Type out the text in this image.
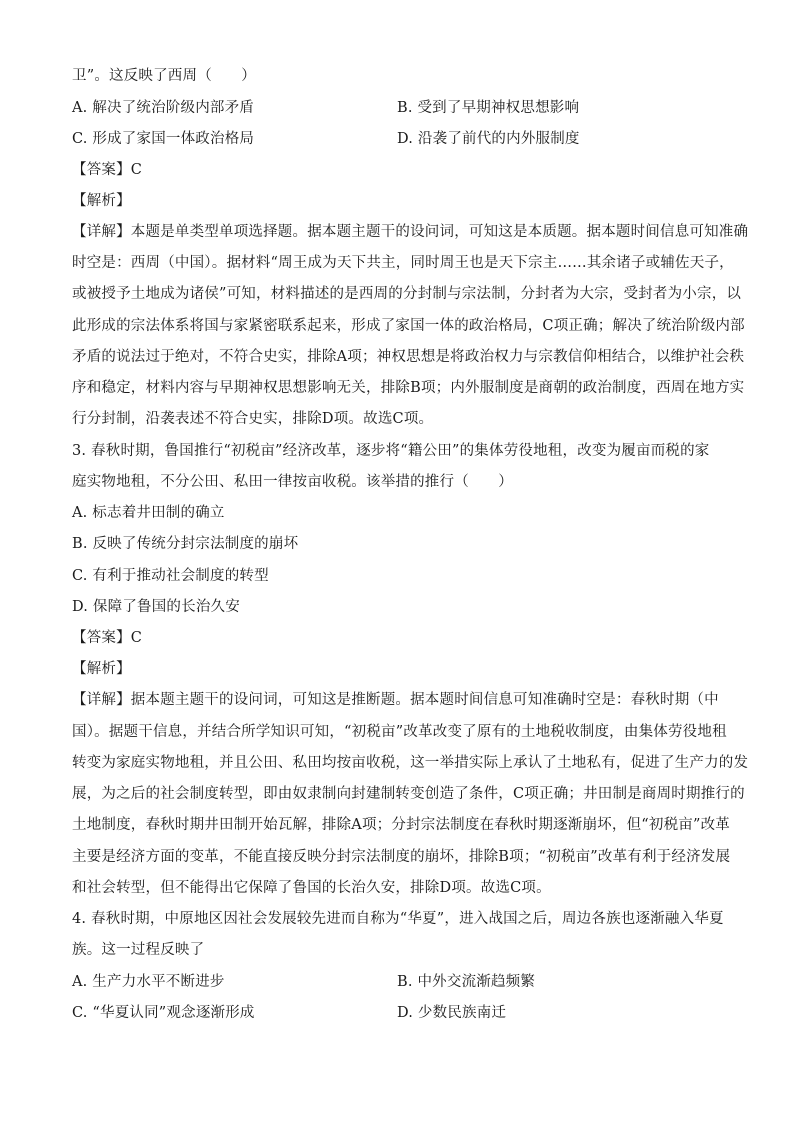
卫”。这反映了西周（　　）
A. 解决了统治阶级内部矛盾	B. 受到了早期神权思想影响
C. 形成了家国一体政治格局	D. 沿袭了前代的内外服制度
【答案】C
【解析】
【详解】本题是单类型单项选择题。据本题主题干的设问词，可知这是本质题。据本题时间信息可知准确
时空是：西周（中国）。据材料“周王成为天下共主，同时周王也是天下宗主……其余诸子或辅佐天子，
或被授予土地成为诸侯”可知，材料描述的是西周的分封制与宗法制，分封者为大宗，受封者为小宗，以
此形成的宗法体系将国与家紧密联系起来，形成了家国一体的政治格局，C项正确；解决了统治阶级内部
矛盾的说法过于绝对，不符合史实，排除A项；神权思想是将政治权力与宗教信仰相结合，以维护社会秩
序和稳定，材料内容与早期神权思想影响无关，排除B项；内外服制度是商朝的政治制度，西周在地方实
行分封制，沿袭表述不符合史实，排除D项。故选C项。
3. 春秋时期，鲁国推行“初税亩”经济改革，逐步将“籍公田”的集体劳役地租，改变为履亩而税的家
庭实物地租，不分公田、私田一律按亩收税。该举措的推行（　　）
A. 标志着井田制的确立
B. 反映了传统分封宗法制度的崩坏
C. 有利于推动社会制度的转型
D. 保障了鲁国的长治久安
【答案】C
【解析】
【详解】据本题主题干的设问词，可知这是推断题。据本题时间信息可知准确时空是：春秋时期（中
国）。据题干信息，并结合所学知识可知，“初税亩”改革改变了原有的土地税收制度，由集体劳役地租
转变为家庭实物地租，并且公田、私田均按亩收税，这一举措实际上承认了土地私有，促进了生产力的发
展，为之后的社会制度转型，即由奴隶制向封建制转变创造了条件，C项正确；井田制是商周时期推行的
土地制度，春秋时期井田制开始瓦解，排除A项；分封宗法制度在春秋时期逐渐崩坏，但“初税亩”改革
主要是经济方面的变革，不能直接反映分封宗法制度的崩坏，排除B项；“初税亩”改革有利于经济发展
和社会转型，但不能得出它保障了鲁国的长治久安，排除D项。故选C项。
4. 春秋时期，中原地区因社会发展较先进而自称为“华夏”，进入战国之后，周边各族也逐渐融入华夏
族。这一过程反映了
A. 生产力水平不断进步	B. 中外交流渐趋频繁
C. “华夏认同”观念逐渐形成	D. 少数民族南迁
